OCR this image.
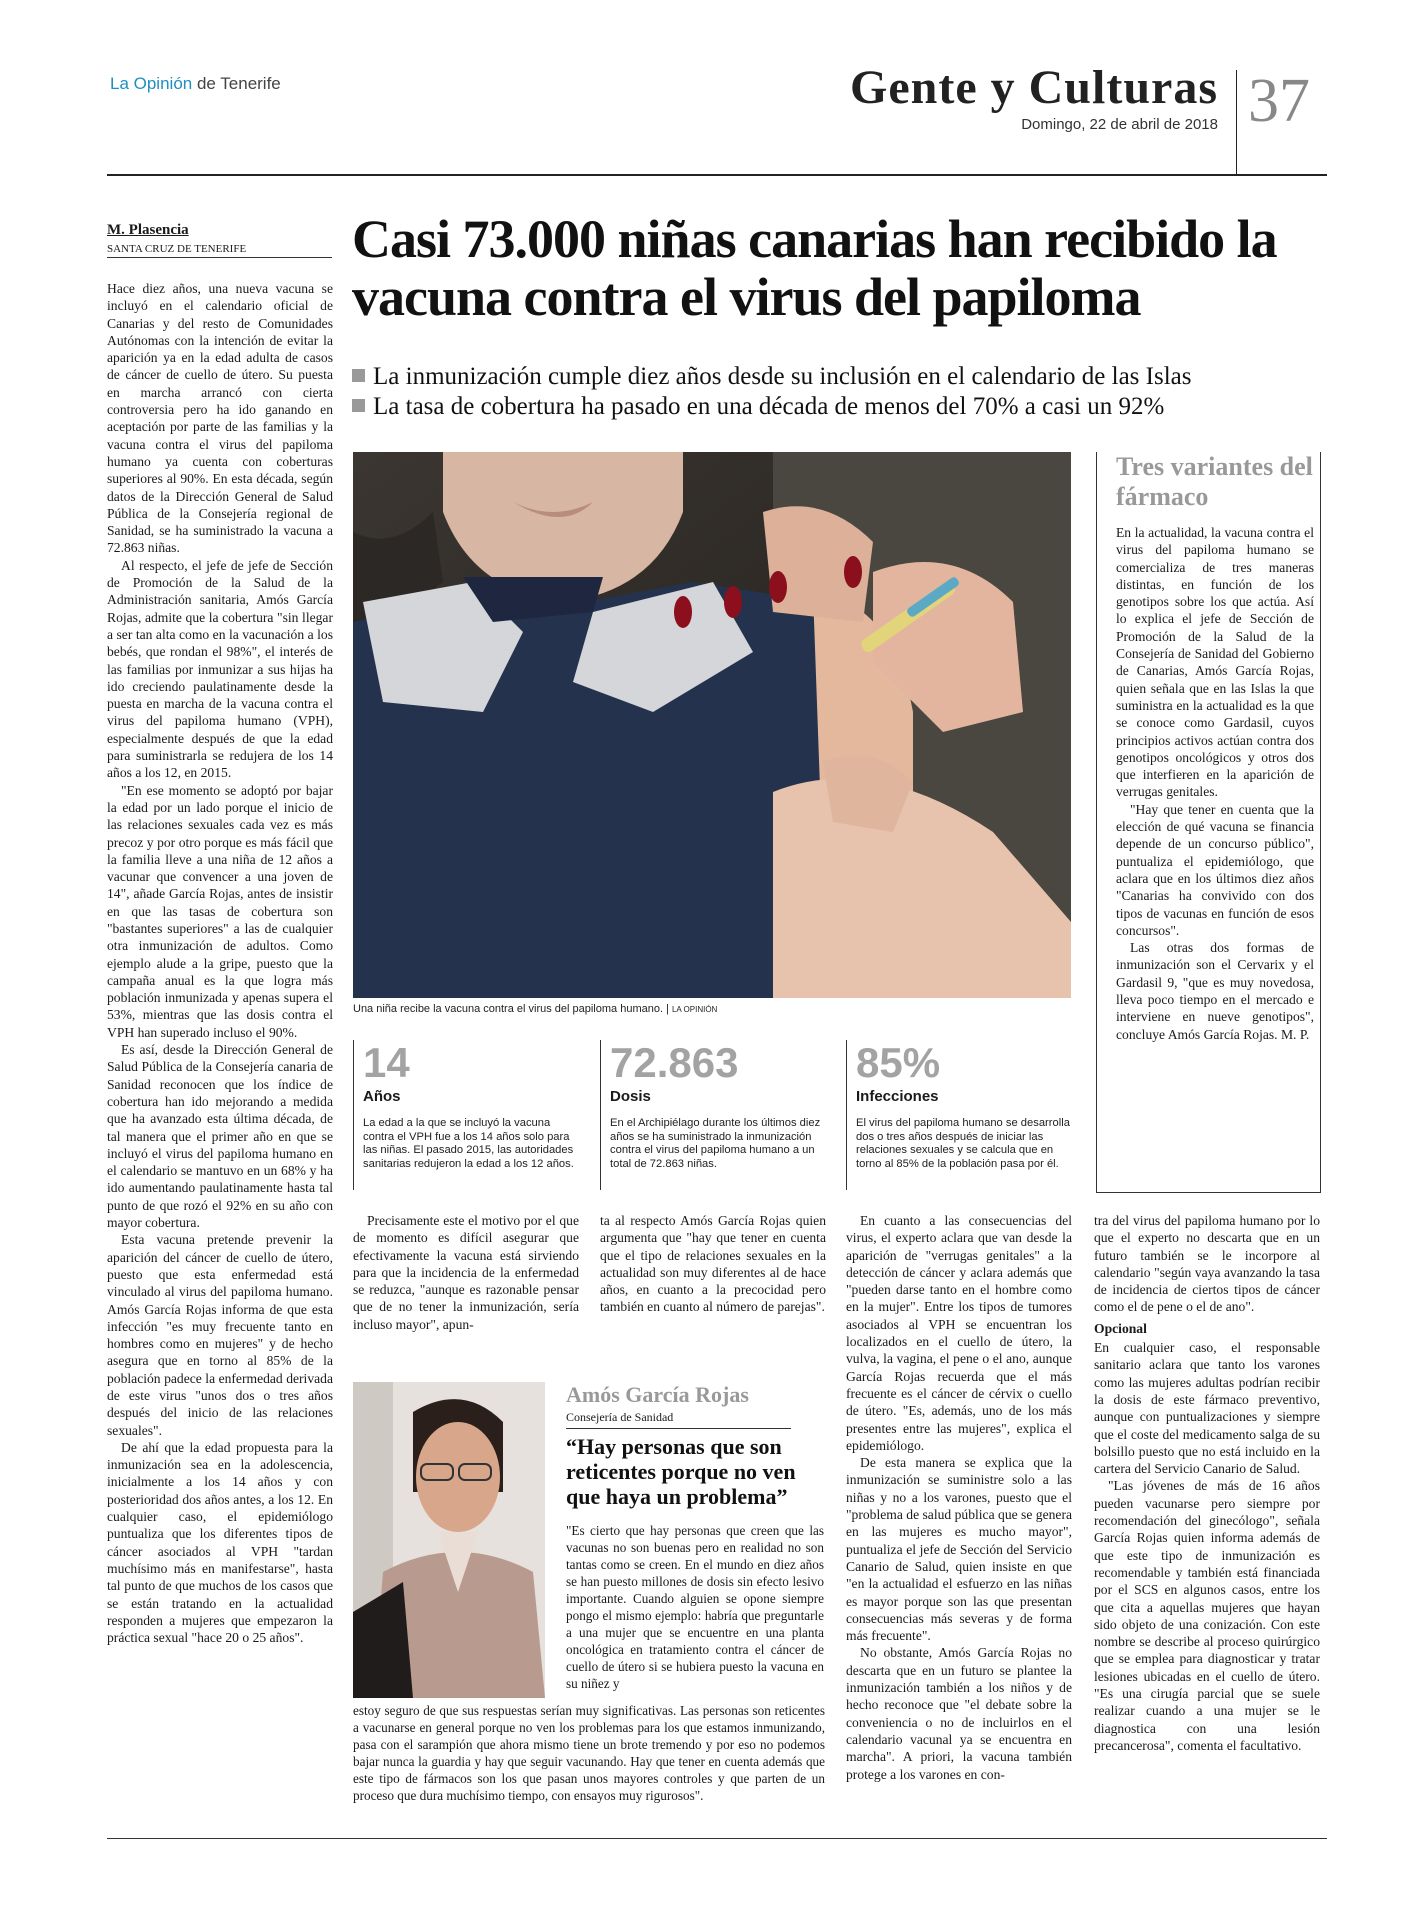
La Opinión de Tenerife	Gente y Culturas
Domingo, 22 de abril de 2018 37
M. Plasencia
SANTA CRUZ DE TENERIFE	Casi 73.000 niñas canarias han recibido la vacuna contra el virus del papiloma
La inmunización cumple diez años desde su inclusión en el calendario de las Islas
La tasa de cobertura ha pasado en una década de menos del 70% a casi un 92%

Hace diez años, una nueva vacuna se incluyó en el calendario oficial de Canarias y del resto de Comunidades Autónomas con la intención de evitar la aparición ya en la edad adulta de casos de cáncer de cuello de útero. Su puesta en marcha arrancó con cierta controversia pero ha ido ganando en aceptación por parte de las familias y la vacuna contra el virus del papiloma humano ya cuenta con coberturas superiores al 90%. En esta década, según datos de la Dirección General de Salud Pública de la Consejería regional de Sanidad, se ha suministrado la vacuna a 72.863 niñas.

Al respecto, el jefe de jefe de Sección de Promoción de la Salud de la Administración sanitaria, Amós García Rojas, admite que la cobertura "sin llegar a ser tan alta como en la vacunación a los bebés, que rondan el 98%", el interés de las familias por inmunizar a sus hijas ha ido creciendo paulatinamente desde la puesta en marcha de la vacuna contra el virus del papiloma humano (VPH), especialmente después de que la edad para suministrarla se redujera de los 14 años a los 12, en 2015.

"En ese momento se adoptó por bajar la edad por un lado porque el inicio de las relaciones sexuales cada vez es más precoz y por otro porque es más fácil que la familia lleve a una niña de 12 años a vacunar que convencer a una joven de 14", añade García Rojas, antes de insistir en que las tasas de cobertura son "bastantes superiores" a las de cualquier otra inmunización de adultos. Como ejemplo alude a la gripe, puesto que la campaña anual es la que logra más población inmunizada y apenas supera el 53%, mientras que las dosis contra el VPH han superado incluso el 90%.

Es así, desde la Dirección General de Salud Pública de la Consejería canaria de Sanidad reconocen que los índice de cobertura han ido mejorando a medida que ha avanzado esta última década, de tal manera que el primer año en que se incluyó el virus del papiloma humano en el calendario se mantuvo en un 68% y ha ido aumentando paulatinamente hasta tal punto de que rozó el 92% en su año con mayor cobertura.

Esta vacuna pretende prevenir la aparición del cáncer de cuello de útero, puesto que esta enfermedad está vinculado al virus del papiloma humano. Amós García Rojas informa de que esta infección "es muy frecuente tanto en hombres como en mujeres" y de hecho asegura que en torno al 85% de la población padece la enfermedad derivada de este virus "unos dos o tres años después del inicio de las relaciones sexuales".

De ahí que la edad propuesta para la inmunización sea en la adolescencia, inicialmente a los 14 años y con posterioridad dos años antes, a los 12. En cualquier caso, el epidemiólogo puntualiza que los diferentes tipos de cáncer asociados al VPH "tardan muchísimo más en manifestarse", hasta tal punto de que muchos de los casos que se están tratando en la actualidad responden a mujeres que empezaron la práctica sexual "hace 20 o 25 años".

Una niña recibe la vacuna contra el virus del papiloma humano. | LA OPINIÓN
14
Años
La edad a la que se incluyó la vacuna contra el VPH fue a los 14 años solo para las niñas. El pasado 2015, las autoridades sanitarias redujeron la edad a los 12 años.
72.863
Dosis
En el Archipiélago durante los últimos diez años se ha suministrado la inmunización contra el virus del papiloma humano a un total de 72.863 niñas.
85%
Infecciones
El virus del papiloma humano se desarrolla dos o tres años después de iniciar las relaciones sexuales y se calcula que en torno al 85% de la población pasa por él.
Tres variantes del fármaco

En la actualidad, la vacuna contra el virus del papiloma humano se comercializa de tres maneras distintas, en función de los genotipos sobre los que actúa. Así lo explica el jefe de Sección de Promoción de la Salud de la Consejería de Sanidad del Gobierno de Canarias, Amós García Rojas, quien señala que en las Islas la que suministra en la actualidad es la que se conoce como Gardasil, cuyos principios activos actúan contra dos genotipos oncológicos y otros dos que interfieren en la aparición de verrugas genitales.

"Hay que tener en cuenta que la elección de qué vacuna se financia depende de un concurso público", puntualiza el epidemiólogo, que aclara que en los últimos diez años "Canarias ha convivido con dos tipos de vacunas en función de esos concursos".

Las otras dos formas de inmunización son el Cervarix y el Gardasil 9, "que es muy novedosa, lleva poco tiempo en el mercado e interviene en nueve genotipos", concluye Amós García Rojas. M. P.

Precisamente este el motivo por el que de momento es difícil asegurar que efectivamente la vacuna está sirviendo para que la incidencia de la enfermedad se reduzca, "aunque es razonable pensar que de no tener la inmunización, sería incluso mayor", apun-

ta al respecto Amós García Rojas quien argumenta que "hay que tener en cuenta que el tipo de relaciones sexuales en la actualidad son muy diferentes al de hace años, en cuanto a la precocidad pero también en cuanto al número de parejas".

Amós García Rojas
Consejería de Sanidad
“Hay personas que son reticentes porque no ven que haya un problema”

"Es cierto que hay personas que creen que las vacunas no son buenas pero en realidad no son tantas como se creen. En el mundo en diez años se han puesto millones de dosis sin efecto lesivo importante. Cuando alguien se opone siempre pongo el mismo ejemplo: habría que preguntarle a una mujer que se encuentre en una planta oncológica en tratamiento contra el cáncer de cuello de útero si se hubiera puesto la vacuna en su niñez y

estoy seguro de que sus respuestas serían muy significativas. Las personas son reticentes a vacunarse en general porque no ven los problemas para los que estamos inmunizando, pasa con el sarampión que ahora mismo tiene un brote tremendo y por eso no podemos bajar nunca la guardia y hay que seguir vacunando. Hay que tener en cuenta además que este tipo de fármacos son los que pasan unos mayores controles y que parten de un proceso que dura muchísimo tiempo, con ensayos muy rigurosos".

En cuanto a las consecuencias del virus, el experto aclara que van desde la aparición de "verrugas genitales" a la detección de cáncer y aclara además que "pueden darse tanto en el hombre como en la mujer". Entre los tipos de tumores asociados al VPH se encuentran los localizados en el cuello de útero, la vulva, la vagina, el pene o el ano, aunque García Rojas recuerda que el más frecuente es el cáncer de cérvix o cuello de útero. "Es, además, uno de los más presentes entre las mujeres", explica el epidemiólogo.

De esta manera se explica que la inmunización se suministre solo a las niñas y no a los varones, puesto que el "problema de salud pública que se genera en las mujeres es mucho mayor", puntualiza el jefe de Sección del Servicio Canario de Salud, quien insiste en que "en la actualidad el esfuerzo en las niñas es mayor porque son las que presentan consecuencias más severas y de forma más frecuente".

No obstante, Amós García Rojas no descarta que en un futuro se plantee la inmunización también a los niños y de hecho reconoce que "el debate sobre la conveniencia o no de incluirlos en el calendario vacunal ya se encuentra en marcha". A priori, la vacuna también protege a los varones en con-

tra del virus del papiloma humano por lo que el experto no descarta que en un futuro también se le incorpore al calendario "según vaya avanzando la tasa de incidencia de ciertos tipos de cáncer como el de pene o el de ano".

Opcional

En cualquier caso, el responsable sanitario aclara que tanto los varones como las mujeres adultas podrían recibir la dosis de este fármaco preventivo, aunque con puntualizaciones y siempre que el coste del medicamento salga de su bolsillo puesto que no está incluido en la cartera del Servicio Canario de Salud.

"Las jóvenes de más de 16 años pueden vacunarse pero siempre por recomendación del ginecólogo", señala García Rojas quien informa además de que este tipo de inmunización es recomendable y también está financiada por el SCS en algunos casos, entre los que cita a aquellas mujeres que hayan sido objeto de una conización. Con este nombre se describe al proceso quirúrgico que se emplea para diagnosticar y tratar lesiones ubicadas en el cuello de útero. "Es una cirugía parcial que se suele realizar cuando a una mujer se le diagnostica con una lesión precancerosa", comenta el facultativo.
